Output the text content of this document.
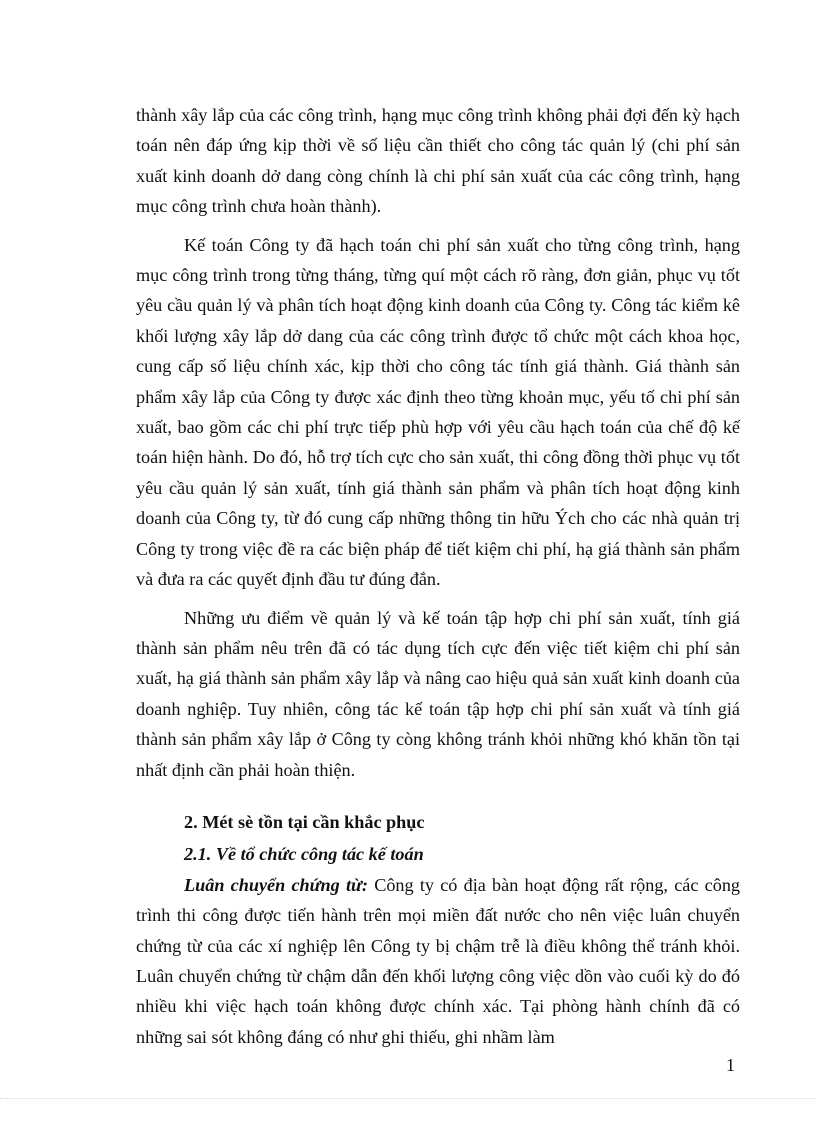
thành xây lắp của các công trình, hạng mục công trình không phải đợi đến kỳ hạch toán nên đáp ứng kịp thời về số liệu cần thiết cho công tác quản lý (chi phí sản xuất kinh doanh dở dang còng chính là chi phí sản xuất của các công trình, hạng mục công trình chưa hoàn thành).

Kế toán Công ty đã hạch toán chi phí sản xuất cho từng công trình, hạng mục công trình trong từng tháng, từng quí một cách rõ ràng, đơn giản, phục vụ tốt yêu cầu quản lý và phân tích hoạt động kinh doanh của Công ty. Công tác kiểm kê khối lượng xây lắp dở dang của các công trình được tổ chức một cách khoa học, cung cấp số liệu chính xác, kịp thời cho công tác tính giá thành. Giá thành sản phẩm xây lắp của Công ty được xác định theo từng khoản mục, yếu tố chi phí sản xuất, bao gồm các chi phí trực tiếp phù hợp với yêu cầu hạch toán của chế độ kế toán hiện hành. Do đó, hỗ trợ tích cực cho sản xuất, thi công đồng thời phục vụ tốt yêu cầu quản lý sản xuất, tính giá thành sản phẩm và phân tích hoạt động kinh doanh của Công ty, từ đó cung cấp những thông tin hữu Ých cho các nhà quản trị Công ty trong việc đề ra các biện pháp để tiết kiệm chi phí, hạ giá thành sản phẩm và đưa ra các quyết định đầu tư đúng đắn.

Những ưu điểm về quản lý và kế toán tập hợp chi phí sản xuất, tính giá thành sản phẩm nêu trên đã có tác dụng tích cực đến việc tiết kiệm chi phí sản xuất, hạ giá thành sản phẩm xây lắp và nâng cao hiệu quả sản xuất kinh doanh của doanh nghiệp. Tuy nhiên, công tác kế toán tập hợp chi phí sản xuất và tính giá thành sản phẩm xây lắp ở Công ty còng không tránh khỏi những khó khăn tồn tại nhất định cần phải hoàn thiện.

2. Mét sè tồn tại cần khắc phục
2.1. Về tổ chức công tác kế toán

Luân chuyển chứng từ: Công ty có địa bàn hoạt động rất rộng, các công trình thi công được tiến hành trên mọi miền đất nước cho nên việc luân chuyển chứng từ của các xí nghiệp lên Công ty bị chậm trễ là điều không thể tránh khỏi. Luân chuyển chứng từ chậm dẫn đến khối lượng công việc dồn vào cuối kỳ do đó nhiều khi việc hạch toán không được chính xác. Tại phòng hành chính đã có những sai sót không đáng có như ghi thiếu, ghi nhầm làm

1
